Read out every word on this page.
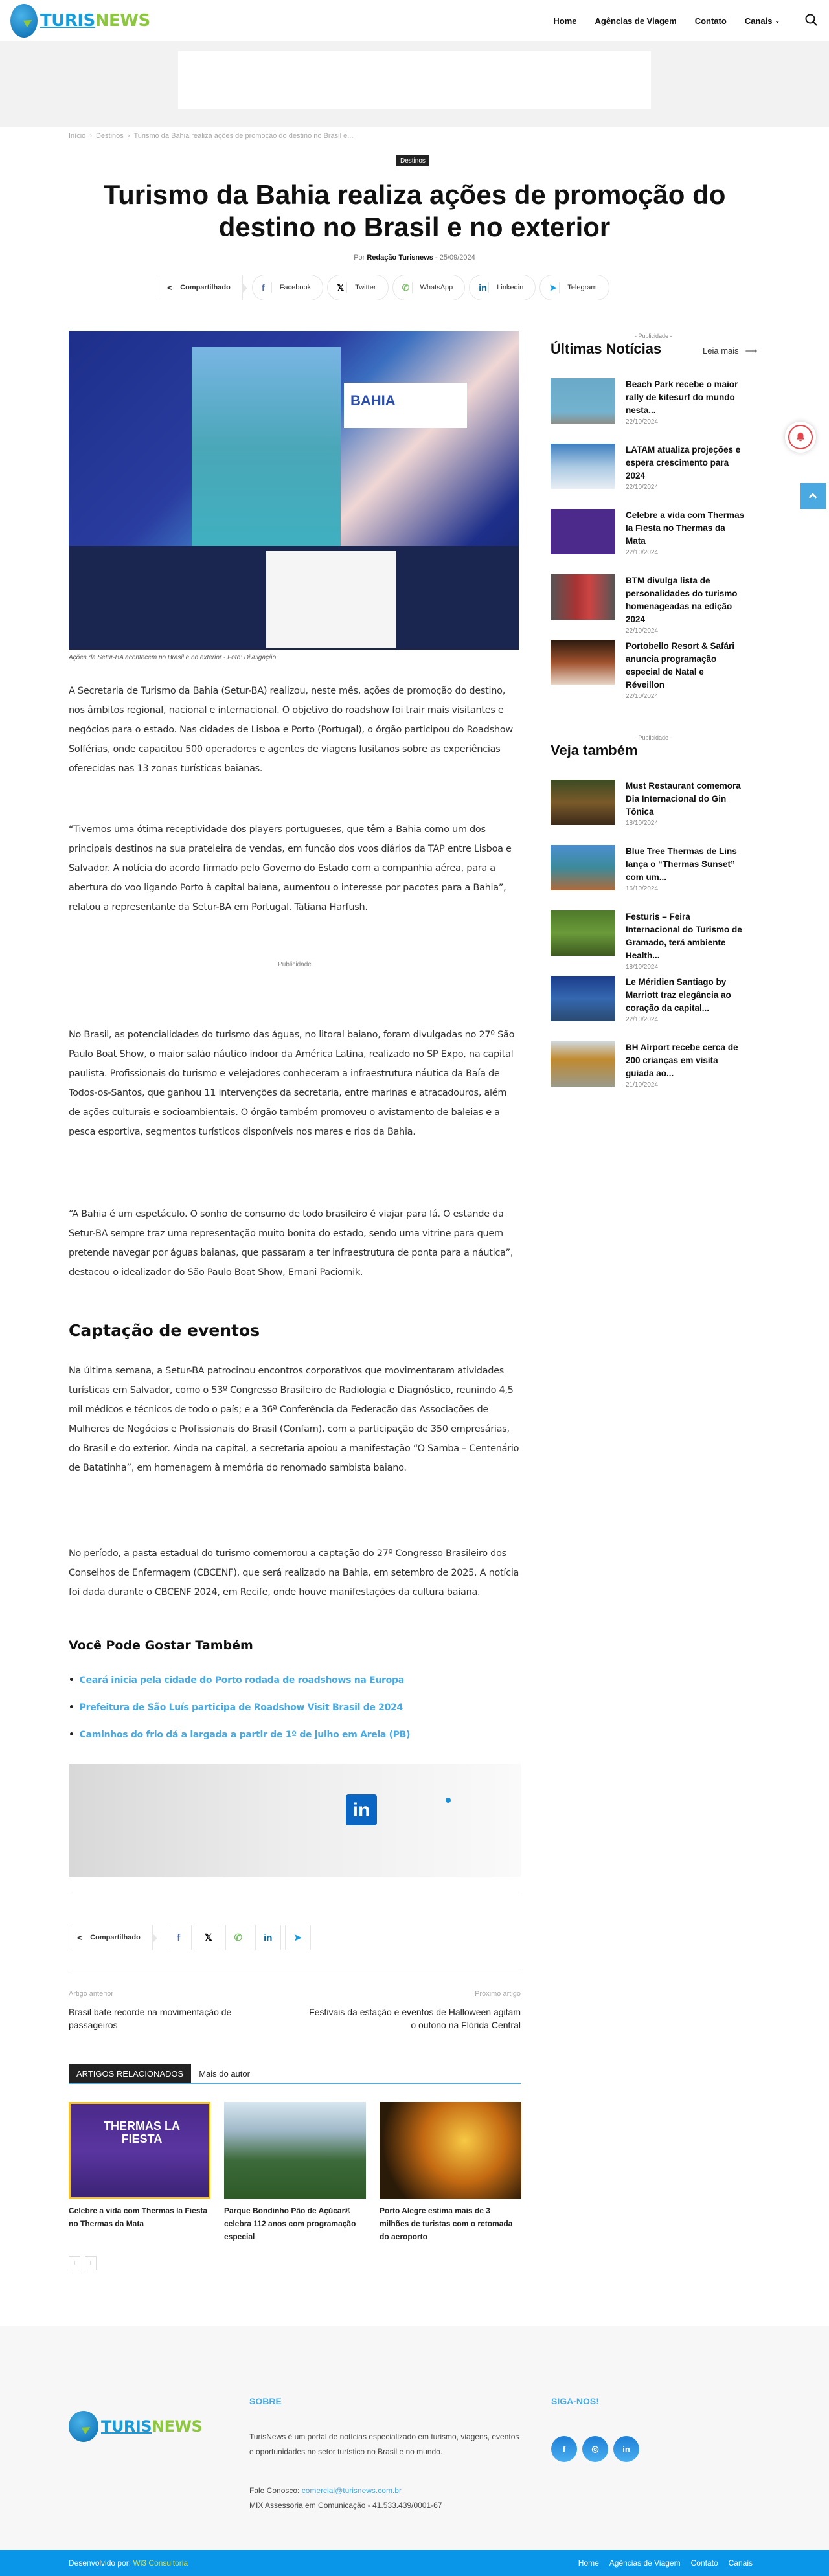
TURISNEWS	Home Agências de Viagem Contato Canais ⌄
Início › Destinos › Turismo da Bahia realiza ações de promoção do destino no Brasil e...
Destinos
Turismo da Bahia realiza ações de promoção do destino no Brasil e no exterior
Por Redação Turisnews - 25/09/2024
< Compartilhado	f	Facebook	𝕏	Twitter	✆	WhatsApp	in	Linkedin	➤	Telegram
BAHIA
Ações da Setur-BA acontecem no Brasil e no exterior - Foto: Divulgação

A Secretaria de Turismo da Bahia (Setur-BA) realizou, neste mês, ações de promoção do destino, nos âmbitos regional, nacional e internacional. O objetivo do roadshow foi trair mais visitantes e negócios para o estado. Nas cidades de Lisboa e Porto (Portugal), o órgão participou do Roadshow Solférias, onde capacitou 500 operadores e agentes de viagens lusitanos sobre as experiências oferecidas nas 13 zonas turísticas baianas.

“Tivemos uma ótima receptividade dos players portugueses, que têm a Bahia como um dos principais destinos na sua prateleira de vendas, em função dos voos diários da TAP entre Lisboa e Salvador. A notícia do acordo firmado pelo Governo do Estado com a companhia aérea, para a abertura do voo ligando Porto à capital baiana, aumentou o interesse por pacotes para a Bahia”, relatou a representante da Setur-BA em Portugal, Tatiana Harfush.

Publicidade

No Brasil, as potencialidades do turismo das águas, no litoral baiano, foram divulgadas no 27º São Paulo Boat Show, o maior salão náutico indoor da América Latina, realizado no SP Expo, na capital paulista. Profissionais do turismo e velejadores conheceram a infraestrutura náutica da Baía de Todos-os-Santos, que ganhou 11 intervenções da secretaria, entre marinas e atracadouros, além de ações culturais e socioambientais. O órgão também promoveu o avistamento de baleias e a pesca esportiva, segmentos turísticos disponíveis nos mares e rios da Bahia.

“A Bahia é um espetáculo. O sonho de consumo de todo brasileiro é viajar para lá. O estande da Setur-BA sempre traz uma representação muito bonita do estado, sendo uma vitrine para quem pretende navegar por águas baianas, que passaram a ter infraestrutura de ponta para a náutica”, destacou o idealizador do São Paulo Boat Show, Ernani Paciornik.

Captação de eventos

Na última semana, a Setur-BA patrocinou encontros corporativos que movimentaram atividades turísticas em Salvador, como o 53º Congresso Brasileiro de Radiologia e Diagnóstico, reunindo 4,5 mil médicos e técnicos de todo o país; e a 36ª Conferência da Federação das Associações de Mulheres de Negócios e Profissionais do Brasil (Confam), com a participação de 350 empresárias, do Brasil e do exterior. Ainda na capital, a secretaria apoiou a manifestação “O Samba – Centenário de Batatinha”, em homenagem à memória do renomado sambista baiano.

No período, a pasta estadual do turismo comemorou a captação do 27º Congresso Brasileiro dos Conselhos de Enfermagem (CBCENF), que será realizado na Bahia, em setembro de 2025. A notícia foi dada durante o CBCENF 2024, em Recife, onde houve manifestações da cultura baiana.

Você Pode Gostar Também
• Ceará inicia pela cidade do Porto rodada de roadshows na Europa
• Prefeitura de São Luís participa de Roadshow Visit Brasil de 2024
• Caminhos do frio dá a largada a partir de 1º de julho em Areia (PB)
in
< Compartilhado	f	𝕏	✆	in	➤
Artigo anterior
Brasil bate recorde na movimentação de passageiros
Próximo artigo
Festivais da estação e eventos de Halloween agitam o outono na Flórida Central
ARTIGOS RELACIONADOS	Mais do autor
THERMAS LA FIESTA
Celebre a vida com Thermas la Fiesta no Thermas da Mata
Parque Bondinho Pão de Açúcar® celebra 112 anos com programação especial
Porto Alegre estima mais de 3 milhões de turistas com o retomada do aeroporto
‹	›
- Publicidade -
Últimas Notícias	Leia mais ⟶
Beach Park recebe o maior rally de kitesurf do mundo nesta...
22/10/2024
LATAM atualiza projeções e espera crescimento para 2024
22/10/2024
Celebre a vida com Thermas la Fiesta no Thermas da Mata
22/10/2024
BTM divulga lista de personalidades do turismo homenageadas na edição 2024
22/10/2024
Portobello Resort & Safári anuncia programação especial de Natal e Réveillon
22/10/2024
- Publicidade -
Veja também
Must Restaurant comemora Dia Internacional do Gin Tônica
18/10/2024
Blue Tree Thermas de Lins lança o “Thermas Sunset” com um...
16/10/2024
Festuris – Feira Internacional do Turismo de Gramado, terá ambiente Health...
18/10/2024
Le Méridien Santiago by Marriott traz elegância ao coração da capital...
22/10/2024
BH Airport recebe cerca de 200 crianças em visita guiada ao...
21/10/2024
TURISNEWS
SOBRE

TurisNews é um portal de notícias especializado em turismo, viagens, eventos e oportunidades no setor turístico no Brasil e no mundo.

Fale Conosco: comercial@turisnews.com.br
MIX Assessoria em Comunicação - 41.533.439/0001-67
SIGA-NOS!
f	◎	in
Desenvolvido por: Wi3 Consultoria	Home Agências de Viagem Contato Canais
